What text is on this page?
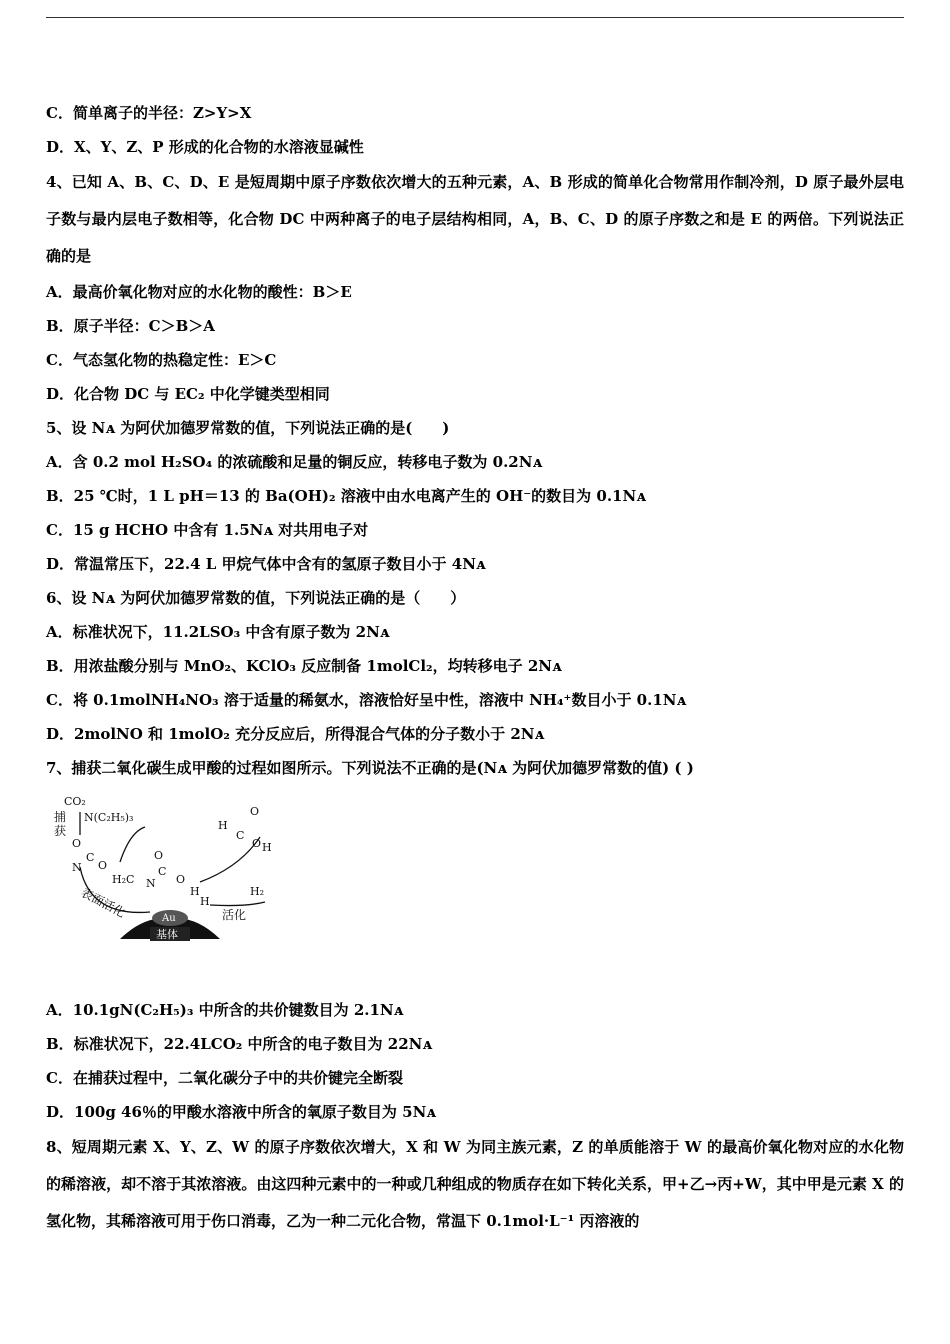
C．简单离子的半径：Z>Y>X
D．X、Y、Z、P 形成的化合物的水溶液显碱性
4、已知 A、B、C、D、E 是短周期中原子序数依次增大的五种元素，A、B 形成的简单化合物常用作制冷剂，D 原子最外层电子数与最内层电子数相等，化合物 DC 中两种离子的电子层结构相同，A，B、C、D 的原子序数之和是 E 的两倍。下列说法正确的是
A．最高价氧化物对应的水化物的酸性：B＞E
B．原子半径：C＞B＞A
C．气态氢化物的热稳定性：E＞C
D．化合物 DC 与 EC₂ 中化学键类型相同
5、设 Nᴀ 为阿伏加德罗常数的值，下列说法正确的是(　　)
A．含 0.2 mol H₂SO₄ 的浓硫酸和足量的铜反应，转移电子数为 0.2Nᴀ
B．25 ℃时，1 L pH＝13 的 Ba(OH)₂ 溶液中由水电离产生的 OH⁻的数目为 0.1Nᴀ
C．15 g HCHO 中含有 1.5Nᴀ 对共用电子对
D．常温常压下，22.4 L 甲烷气体中含有的氢原子数目小于 4Nᴀ
6、设 Nᴀ 为阿伏加德罗常数的值，下列说法正确的是（　　）
A．标准状况下，11.2LSO₃ 中含有原子数为 2Nᴀ
B．用浓盐酸分别与 MnO₂、KClO₃ 反应制备 1molCl₂，均转移电子 2Nᴀ
C．将 0.1molNH₄NO₃ 溶于适量的稀氨水，溶液恰好呈中性，溶液中 NH₄⁺数目小于 0.1Nᴀ
D．2molNO 和 1molO₂ 充分反应后，所得混合气体的分子数小于 2Nᴀ
7、捕获二氧化碳生成甲酸的过程如图所示。下列说法不正确的是(Nᴀ 为阿伏加德罗常数的值) ( )
Au
基体
CO₂
捕
获
N(C₂H₅)₃
O
N
C
O
H₂C N
C
O
O
H
C
O
H
O
H
H
H₂
表面活化	活化
A．10.1gN(C₂H₅)₃ 中所含的共价键数目为 2.1Nᴀ
B．标准状况下，22.4LCO₂ 中所含的电子数目为 22Nᴀ
C．在捕获过程中，二氧化碳分子中的共价键完全断裂
D．100g 46％的甲酸水溶液中所含的氧原子数目为 5Nᴀ
8、短周期元素 X、Y、Z、W 的原子序数依次增大，X 和 W 为同主族元素，Z 的单质能溶于 W 的最高价氧化物对应的水化物的稀溶液，却不溶于其浓溶液。由这四种元素中的一种或几种组成的物质存在如下转化关系，甲+乙→丙+W，其中甲是元素 X 的氢化物，其稀溶液可用于伤口消毒，乙为一种二元化合物，常温下 0.1mol·L⁻¹ 丙溶液的
